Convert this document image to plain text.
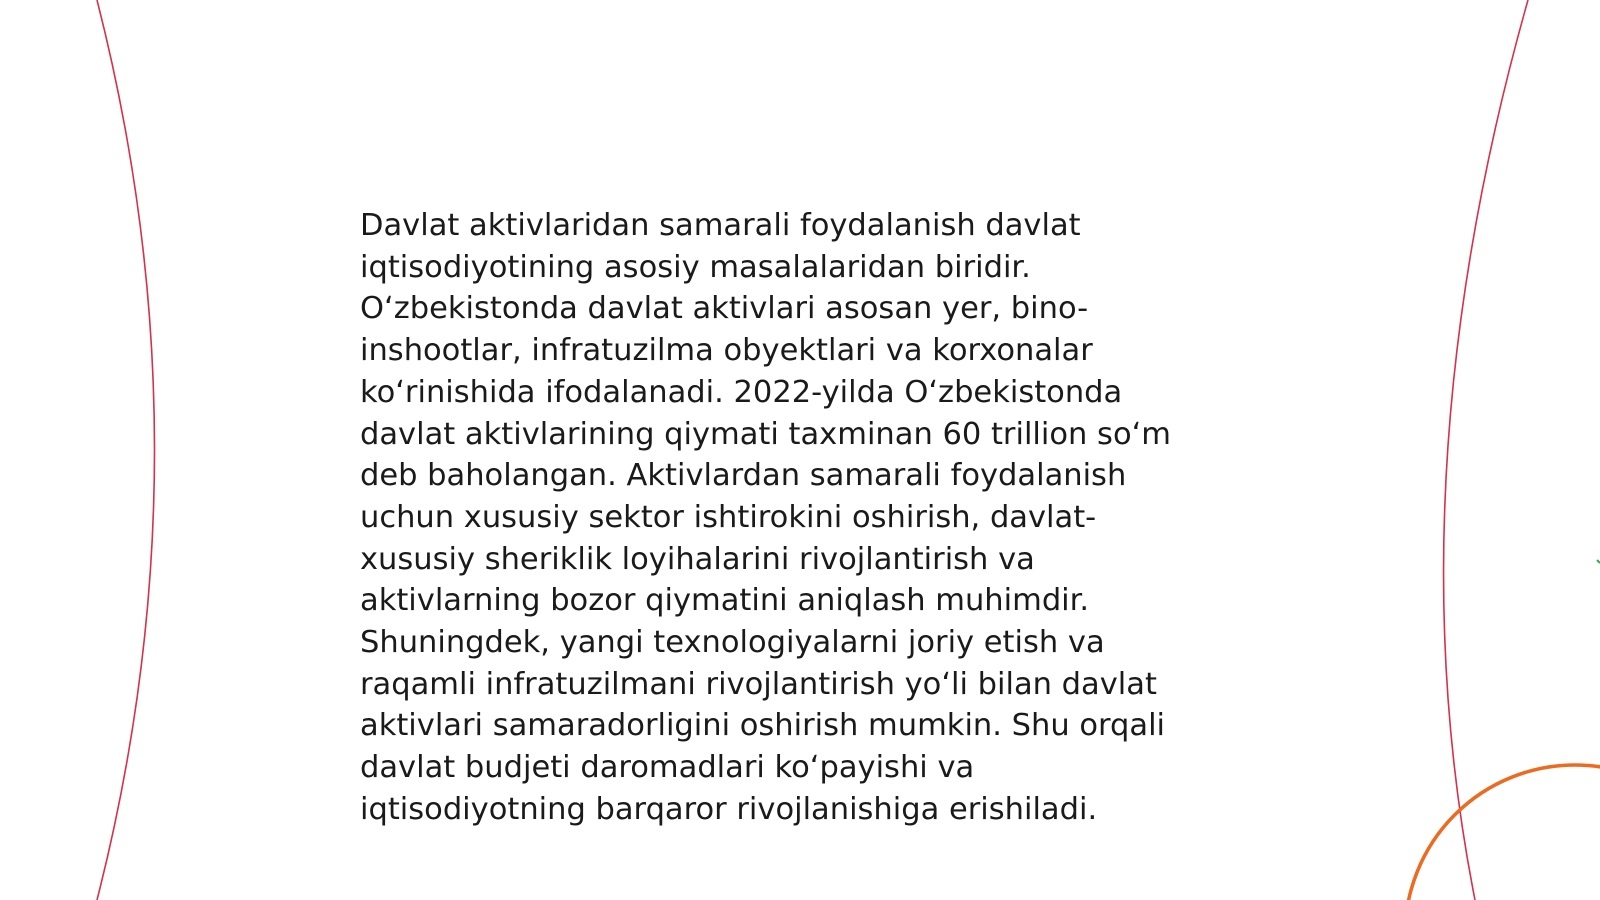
Davlat aktivlaridan samarali foydalanish davlat
iqtisodiyotining asosiy masalalaridan biridir.
O‘zbekistonda davlat aktivlari asosan yer, bino-
inshootlar, infratuzilma obyektlari va korxonalar
ko‘rinishida ifodalanadi. 2022-yilda O‘zbekistonda
davlat aktivlarining qiymati taxminan 60 trillion so‘m
deb baholangan. Aktivlardan samarali foydalanish
uchun xususiy sektor ishtirokini oshirish, davlat-
xususiy sheriklik loyihalarini rivojlantirish va
aktivlarning bozor qiymatini aniqlash muhimdir.
Shuningdek, yangi texnologiyalarni joriy etish va
raqamli infratuzilmani rivojlantirish yo‘li bilan davlat
aktivlari samaradorligini oshirish mumkin. Shu orqali
davlat budjeti daromadlari ko‘payishi va
iqtisodiyotning barqaror rivojlanishiga erishiladi.
